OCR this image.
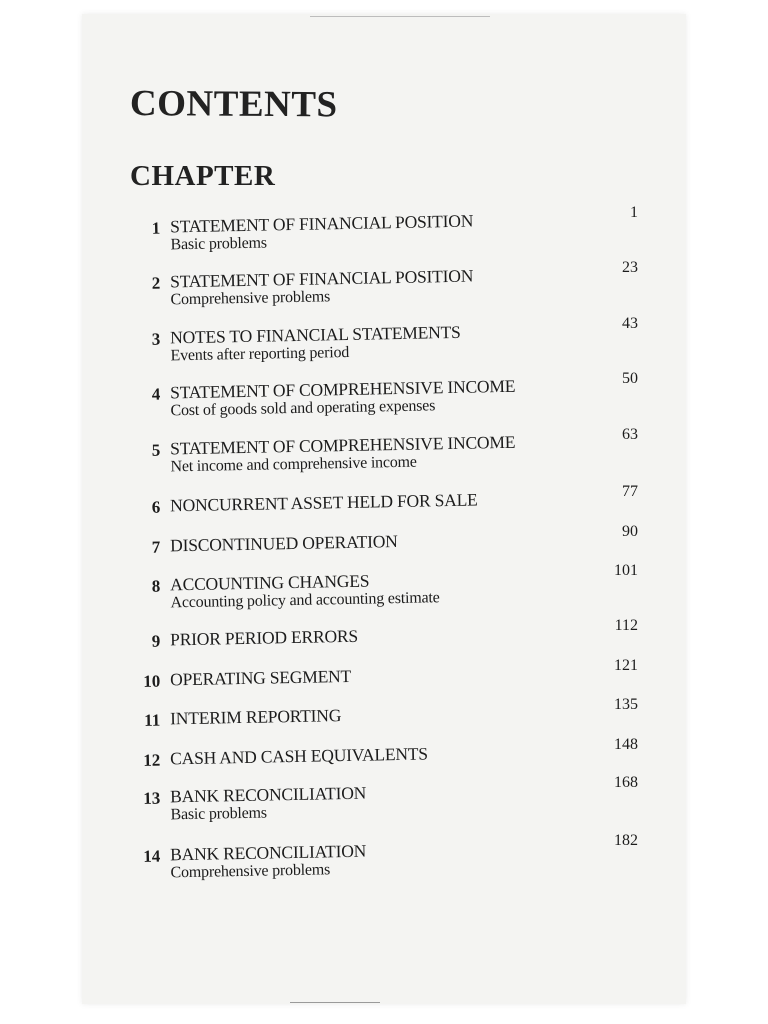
CONTENTS
CHAPTER
1 STATEMENT OF FINANCIAL POSITION
Basic problems
1
2 STATEMENT OF FINANCIAL POSITION
Comprehensive problems
23
3 NOTES TO FINANCIAL STATEMENTS
Events after reporting period
43
4 STATEMENT OF COMPREHENSIVE INCOME
Cost of goods sold and operating expenses
50
5 STATEMENT OF COMPREHENSIVE INCOME
Net income and comprehensive income
63
6 NONCURRENT ASSET HELD FOR SALE	77
7 DISCONTINUED OPERATION	90
8 ACCOUNTING CHANGES
Accounting policy and accounting estimate
101
9 PRIOR PERIOD ERRORS
112
10 OPERATING SEGMENT
121
11 INTERIM REPORTING
135
12 CASH AND CASH EQUIVALENTS	148
13 BANK RECONCILIATION
Basic problems
168
14 BANK RECONCILIATION
Comprehensive problems
182
